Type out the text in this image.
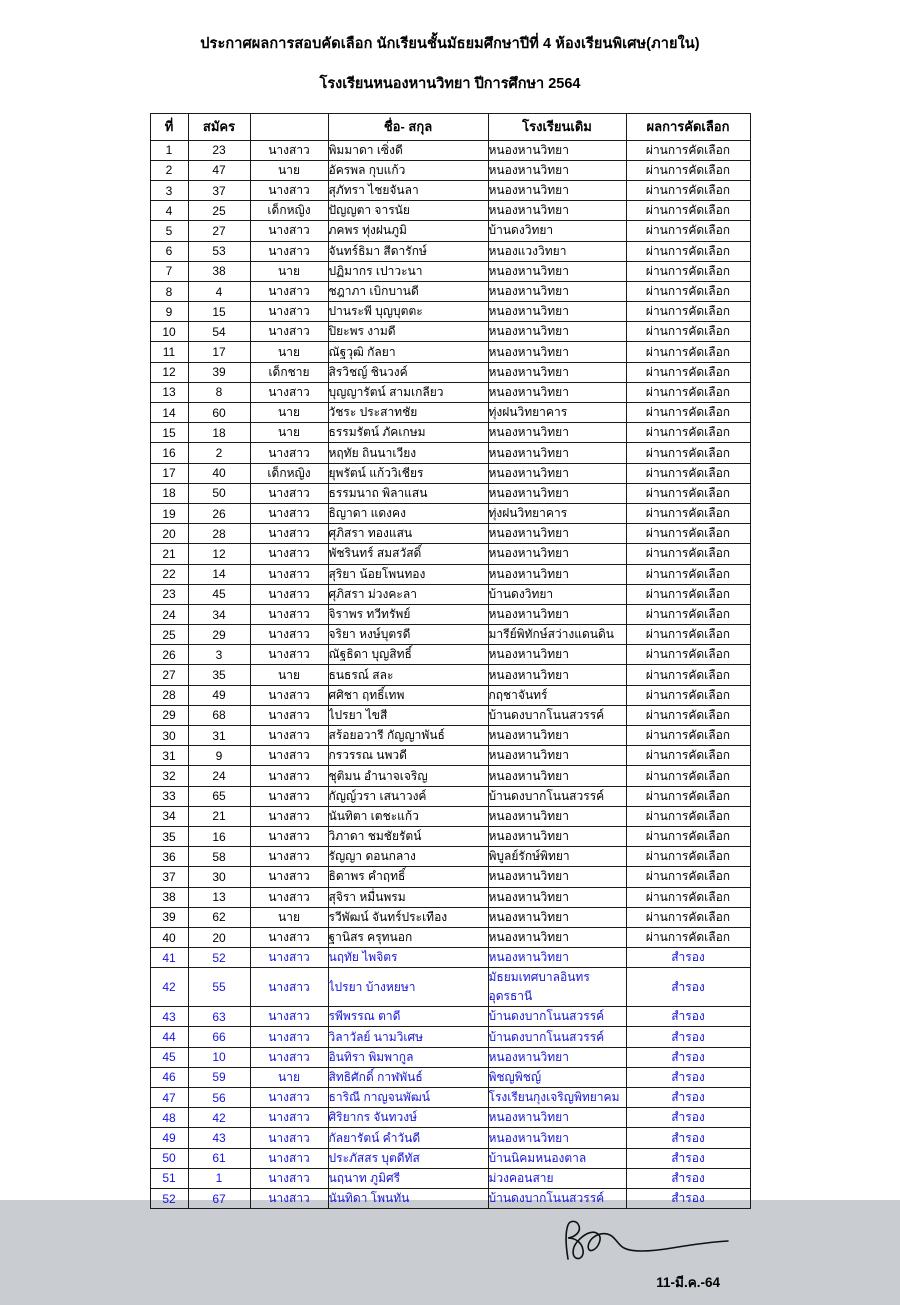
ประกาศผลการสอบคัดเลือก นักเรียนชั้นมัธยมศึกษาปีที่ 4 ห้องเรียนพิเศษ(ภายใน)
โรงเรียนหนองหานวิทยา ปีการศึกษา 2564
ที่	สมัคร		ชื่อ- สกุล	โรงเรียนเดิม	ผลการคัดเลือก
1	23	นางสาว	พิมมาดา เซิ่งดี	หนองหานวิทยา	ผ่านการคัดเลือก
2	47	นาย	อัครพล กุบแก้ว	หนองหานวิทยา	ผ่านการคัดเลือก
3	37	นางสาว	สุภัทรา ไชยจันลา	หนองหานวิทยา	ผ่านการคัดเลือก
4	25	เด็กหญิง	ปัญญตา จารนัย	หนองหานวิทยา	ผ่านการคัดเลือก
5	27	นางสาว	ภคพร ทุ่งฝนภูมิ	บ้านดงวิทยา	ผ่านการคัดเลือก
6	53	นางสาว	จันทร์ธิมา สีดารักษ์	หนองแวงวิทยา	ผ่านการคัดเลือก
7	38	นาย	ปฏิมากร เปาวะนา	หนองหานวิทยา	ผ่านการคัดเลือก
8	4	นางสาว	ชฎาภา เบิกบานดี	หนองหานวิทยา	ผ่านการคัดเลือก
9	15	นางสาว	ปานระพี บุญบุตตะ	หนองหานวิทยา	ผ่านการคัดเลือก
10	54	นางสาว	ปิยะพร งามดี	หนองหานวิทยา	ผ่านการคัดเลือก
11	17	นาย	ณัฐวุฒิ กัลยา	หนองหานวิทยา	ผ่านการคัดเลือก
12	39	เด็กชาย	สิรวิชญ์ ชินวงค์	หนองหานวิทยา	ผ่านการคัดเลือก
13	8	นางสาว	บุญญารัตน์ สามเกลียว	หนองหานวิทยา	ผ่านการคัดเลือก
14	60	นาย	วัชระ ประสาทชัย	ทุ่งฝนวิทยาคาร	ผ่านการคัดเลือก
15	18	นาย	ธรรมรัตน์ ภัคเกษม	หนองหานวิทยา	ผ่านการคัดเลือก
16	2	นางสาว	หฤทัย ถินนาเวียง	หนองหานวิทยา	ผ่านการคัดเลือก
17	40	เด็กหญิง	ยุพรัตน์ แก้ววิเชียร	หนองหานวิทยา	ผ่านการคัดเลือก
18	50	นางสาว	ธรรมนาถ พิลาแสน	หนองหานวิทยา	ผ่านการคัดเลือก
19	26	นางสาว	ธิญาดา แดงคง	ทุ่งฝนวิทยาคาร	ผ่านการคัดเลือก
20	28	นางสาว	ศุภิสรา ทองแสน	หนองหานวิทยา	ผ่านการคัดเลือก
21	12	นางสาว	พัชรินทร์ สมสวัสดิ์	หนองหานวิทยา	ผ่านการคัดเลือก
22	14	นางสาว	สุริยา น้อยโพนทอง	หนองหานวิทยา	ผ่านการคัดเลือก
23	45	นางสาว	ศุภิสรา ม่วงคะลา	บ้านดงวิทยา	ผ่านการคัดเลือก
24	34	นางสาว	จิราพร ทวีทรัพย์	หนองหานวิทยา	ผ่านการคัดเลือก
25	29	นางสาว	จริยา หงษ์บุตรดี	มารีย์พิทักษ์สว่างแดนดิน	ผ่านการคัดเลือก
26	3	นางสาว	ณัฐธิดา บุญสิทธิ์	หนองหานวิทยา	ผ่านการคัดเลือก
27	35	นาย	ธนธรณ์ สละ	หนองหานวิทยา	ผ่านการคัดเลือก
28	49	นางสาว	ศศิชา ฤทธิ์เทพ	กฤชาจันทร์	ผ่านการคัดเลือก
29	68	นางสาว	ไปรยา ไขสี	บ้านดงบากโนนสวรรค์	ผ่านการคัดเลือก
30	31	นางสาว	สร้อยอวารี กัญญาพันธ์	หนองหานวิทยา	ผ่านการคัดเลือก
31	9	นางสาว	กรวรรณ นพวดี	หนองหานวิทยา	ผ่านการคัดเลือก
32	24	นางสาว	ชุติมน อำนาจเจริญ	หนองหานวิทยา	ผ่านการคัดเลือก
33	65	นางสาว	กัญญ์วรา เสนาวงค์	บ้านดงบากโนนสวรรค์	ผ่านการคัดเลือก
34	21	นางสาว	นันทิตา เตชะแก้ว	หนองหานวิทยา	ผ่านการคัดเลือก
35	16	นางสาว	วิภาดา ชมชัยรัตน์	หนองหานวิทยา	ผ่านการคัดเลือก
36	58	นางสาว	รัญญา ดอนกลาง	พิบูลย์รักษ์พิทยา	ผ่านการคัดเลือก
37	30	นางสาว	ธิดาพร คำฤทธิ์	หนองหานวิทยา	ผ่านการคัดเลือก
38	13	นางสาว	สุจิรา หมื่นพรม	หนองหานวิทยา	ผ่านการคัดเลือก
39	62	นาย	รวีพัฒน์ จันทร์ประเทือง	หนองหานวิทยา	ผ่านการคัดเลือก
40	20	นางสาว	ฐานิสร ครุทนอก	หนองหานวิทยา	ผ่านการคัดเลือก
41	52	นางสาว	นฤทัย ไพจิตร	หนองหานวิทยา	สำรอง
42	55	นางสาว	ไปรยา บ้างหยษา	มัธยมเทศบาลอินทรอุดรธานี	สำรอง
43	63	นางสาว	รพีพรรณ ตาดี	บ้านดงบากโนนสวรรค์	สำรอง
44	66	นางสาว	วิลาวัลย์ นามวิเศษ	บ้านดงบากโนนสวรรค์	สำรอง
45	10	นางสาว	อินทิรา พิมพากูล	หนองหานวิทยา	สำรอง
46	59	นาย	สิทธิศักดิ์ กาฬพันธ์	พิชญพิชญ์	สำรอง
47	56	นางสาว	ธาริณี กาญจนพัฒน์	โรงเรียนกุงเจริญพิทยาคม	สำรอง
48	42	นางสาว	ศิริยากร จันทวงษ์	หนองหานวิทยา	สำรอง
49	43	นางสาว	กัลยารัตน์ คำวันดี	หนองหานวิทยา	สำรอง
50	61	นางสาว	ประภัสสร บุตดีทัส	บ้านนิคมหนองตาล	สำรอง
51	1	นางสาว	นฤนาท ภูมิศรี	ม่วงคอนสาย	สำรอง
52	67	นางสาว	นันทิดา โพนทัน	บ้านดงบากโนนสวรรค์	สำรอง
11-มี.ค.-64
